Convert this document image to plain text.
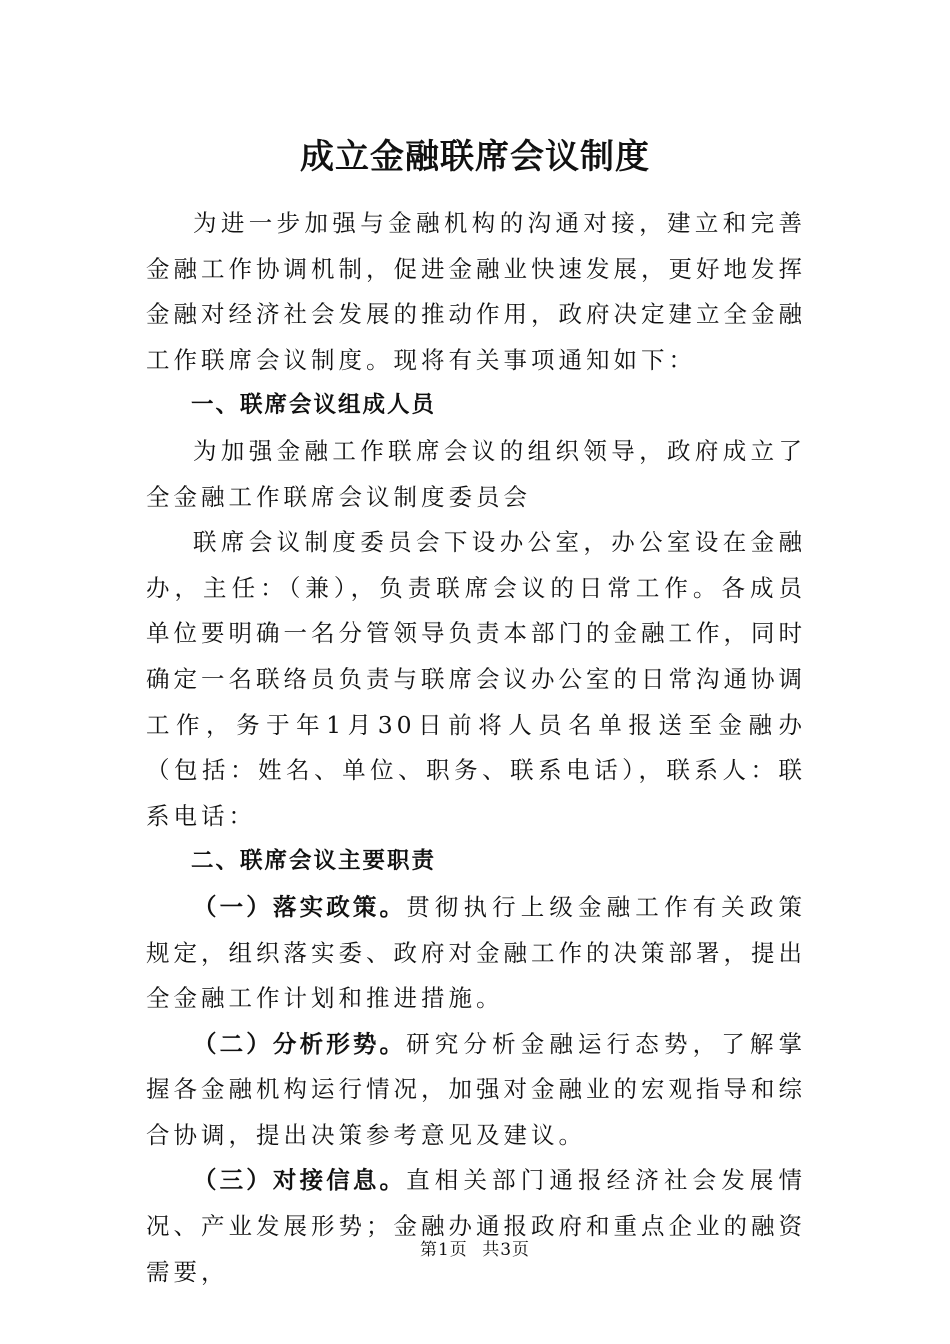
成立金融联席会议制度

为进一步加强与金融机构的沟通对接，建立和完善金融工作协调机制，促进金融业快速发展，更好地发挥金融对经济社会发展的推动作用，政府决定建立全金融工作联席会议制度。现将有关事项通知如下：

一、联席会议组成人员

为加强金融工作联席会议的组织领导，政府成立了全金融工作联席会议制度委员会

联席会议制度委员会下设办公室，办公室设在金融办，主任：（兼），负责联席会议的日常工作。各成员单位要明确一名分管领导负责本部门的金融工作，同时确定一名联络员负责与联席会议办公室的日常沟通协调工作，务于年1月30日前将人员名单报送至金融办（包括：姓名、单位、职务、联系电话），联系人：联系电话：

二、联席会议主要职责

（一）落实政策。贯彻执行上级金融工作有关政策规定，组织落实委、政府对金融工作的决策部署，提出全金融工作计划和推进措施。

（二）分析形势。研究分析金融运行态势，了解掌握各金融机构运行情况，加强对金融业的宏观指导和综合协调，提出决策参考意见及建议。

（三）对接信息。直相关部门通报经济社会发展情况、产业发展形势；金融办通报政府和重点企业的融资需要，

第1页 共3页
